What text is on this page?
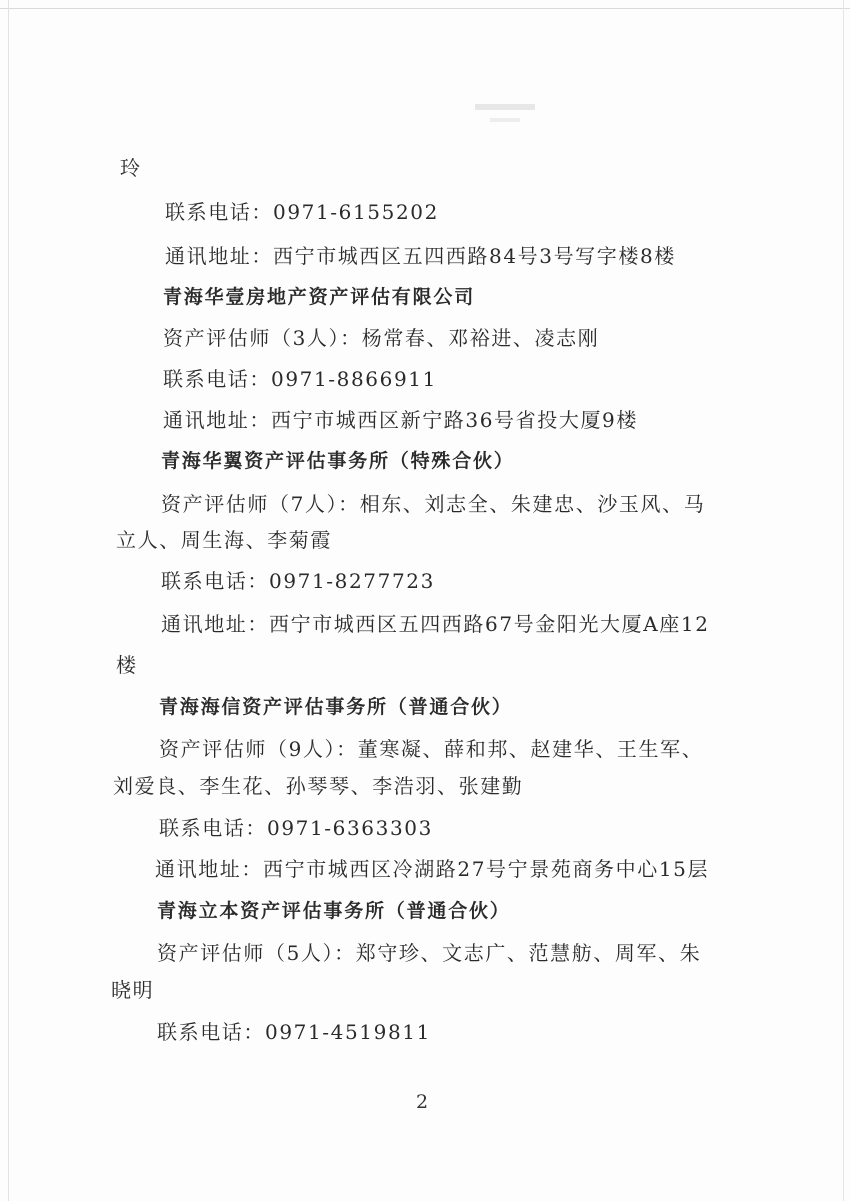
玲
联系电话：0971-6155202
通讯地址：西宁市城西区五四西路84号3号写字楼8楼
青海华壹房地产资产评估有限公司
资产评估师（3人）：杨常春、邓裕进、凌志刚
联系电话：0971-8866911
通讯地址：西宁市城西区新宁路36号省投大厦9楼
青海华翼资产评估事务所（特殊合伙）
资产评估师（7人）：相东、刘志全、朱建忠、沙玉风、马
立人、周生海、李菊霞
联系电话：0971-8277723
通讯地址：西宁市城西区五四西路67号金阳光大厦A座12
楼
青海海信资产评估事务所（普通合伙）
资产评估师（9人）：董寒凝、薛和邦、赵建华、王生军、
刘爱良、李生花、孙琴琴、李浩羽、张建勤
联系电话：0971-6363303
通讯地址：西宁市城西区冷湖路27号宁景苑商务中心15层
青海立本资产评估事务所（普通合伙）
资产评估师（5人）：郑守珍、文志广、范慧舫、周军、朱
晓明
联系电话：0971-4519811
2
